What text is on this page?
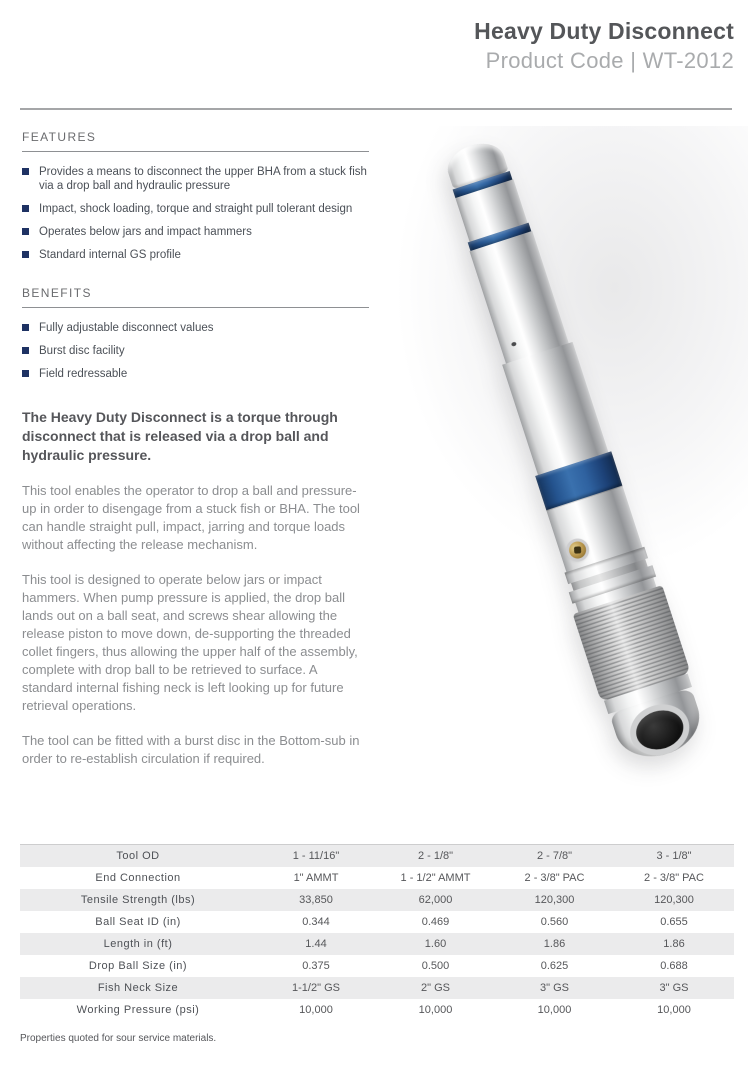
Heavy Duty Disconnect
Product Code | WT-2012
FEATURES
Provides a means to disconnect the upper BHA from a stuck fish via a drop ball and hydraulic pressure
Impact, shock loading, torque and straight pull tolerant design
Operates below jars and impact hammers
Standard internal GS profile
BENEFITS
Fully adjustable disconnect values
Burst disc facility
Field redressable
The Heavy Duty Disconnect is a torque through disconnect that is released via a drop ball and hydraulic pressure.
This tool enables the operator to drop a ball and pressure-up in order to disengage from a stuck fish or BHA. The tool can handle straight pull, impact, jarring and torque loads without affecting the release mechanism.
This tool is designed to operate below jars or impact hammers. When pump pressure is applied, the drop ball lands out on a ball seat, and screws shear allowing the release piston to move down, de-supporting the threaded collet fingers, thus allowing the upper half of the assembly, complete with drop ball to be retrieved to surface. A standard internal fishing neck is left looking up for future retrieval operations.
The tool can be fitted with a burst disc in the Bottom-sub in order to re-establish circulation if required.
Tool OD	1 - 11/16"	2 - 1/8"	2 - 7/8"	3 - 1/8"
End Connection	1" AMMT	1 - 1/2" AMMT	2 - 3/8" PAC	2 - 3/8" PAC
Tensile Strength (lbs)	33,850	62,000	120,300	120,300
Ball Seat ID (in)	0.344	0.469	0.560	0.655
Length in (ft)	1.44	1.60	1.86	1.86
Drop Ball Size (in)	0.375	0.500	0.625	0.688
Fish Neck Size	1-1/2" GS	2" GS	3" GS	3" GS
Working Pressure (psi)	10,000	10,000	10,000	10,000
Properties quoted for sour service materials.
